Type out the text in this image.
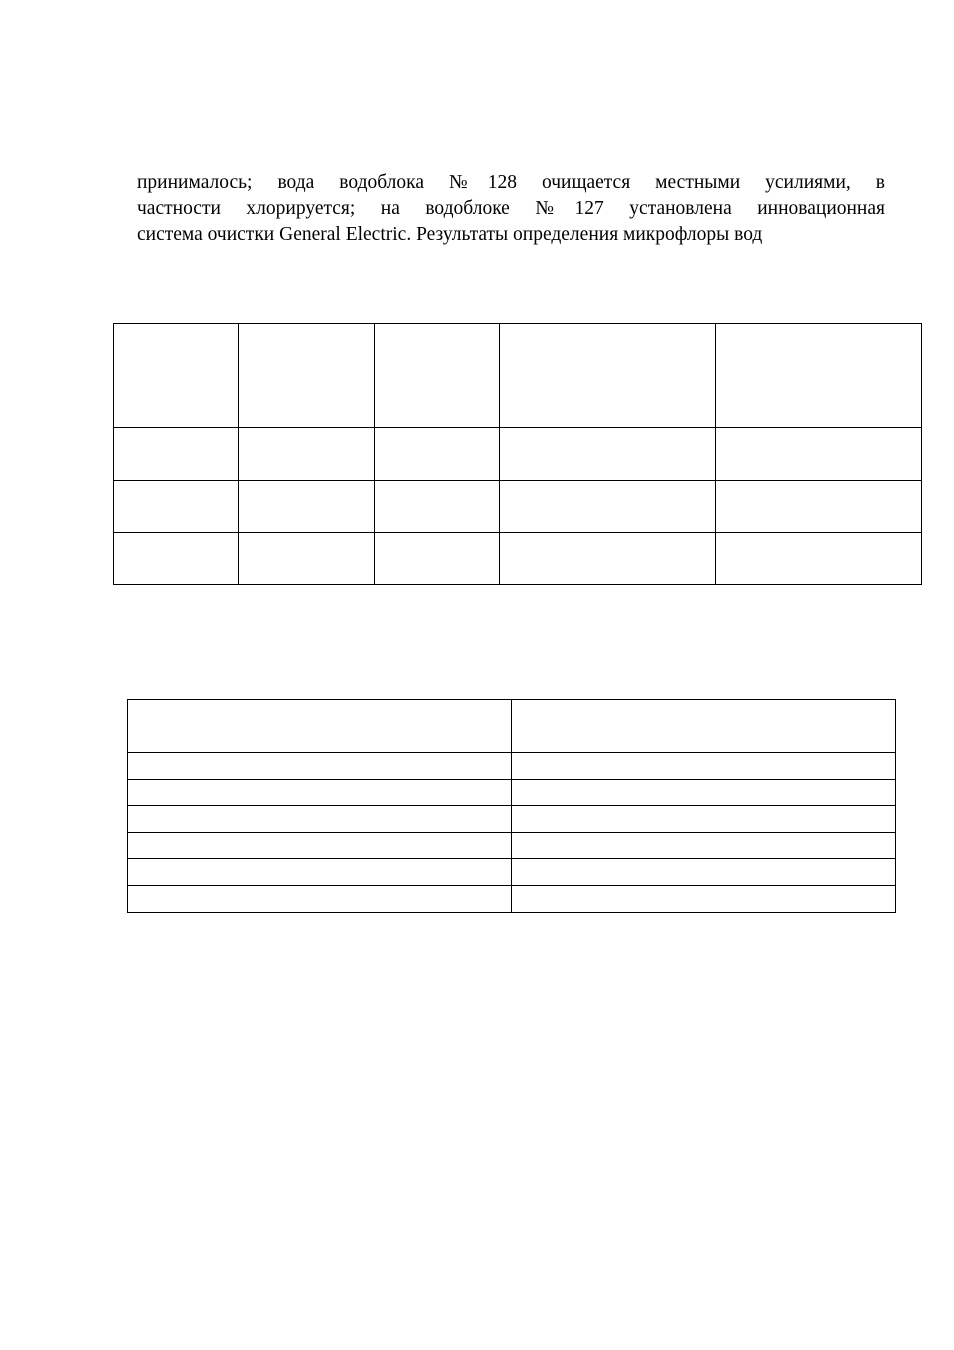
принималось; вода водоблока №128 очищается местными усилиями, в
частности хлорируется; на водоблоке №127 установлена инновационная
система очистки General Electric. Результаты определения микрофлоры вод
